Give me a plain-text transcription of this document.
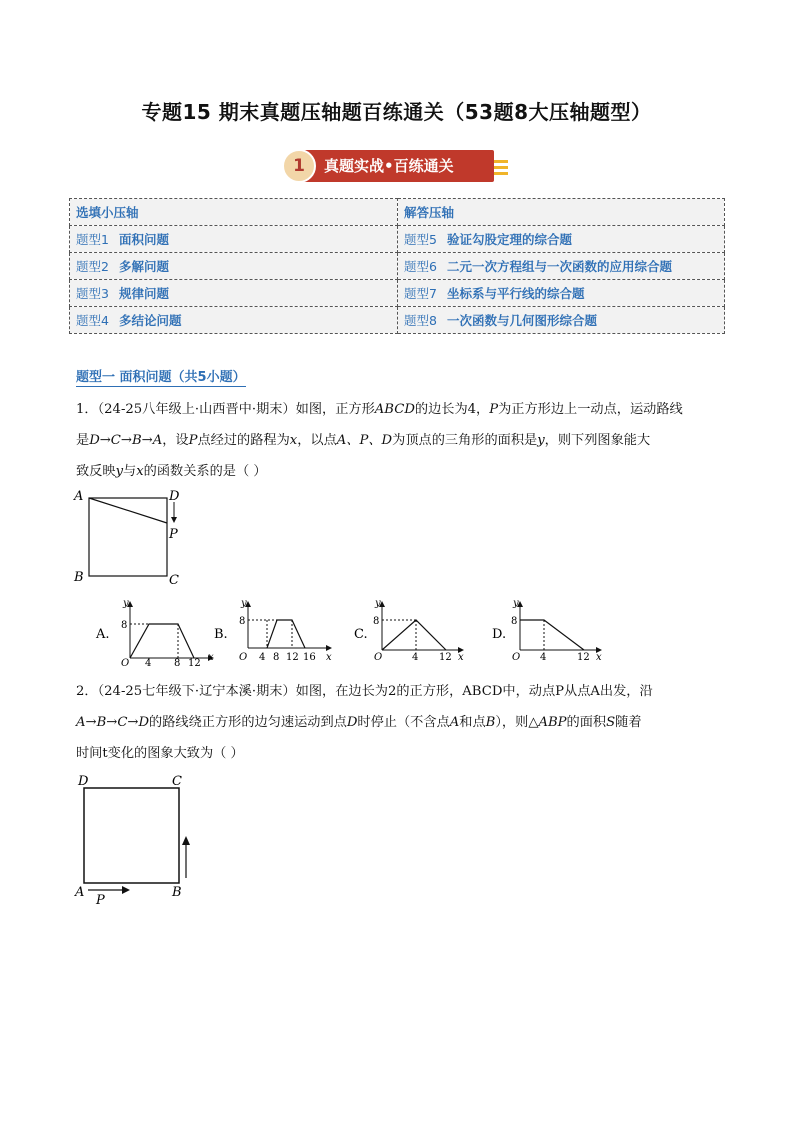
专题15 期末真题压轴题百练通关（53题8大压轴题型）
1	真题实战•百练通关
选填小压轴	解答压轴
题型1 面积问题	题型5 验证勾股定理的综合题
题型2 多解问题	题型6 二元一次方程组与一次函数的应用综合题
题型3 规律问题	题型7 坐标系与平行线的综合题
题型4 多结论问题	题型8 一次函数与几何图形综合题
题型一 面积问题（共5小题）
1．（24-25八年级上·山西晋中·期末）如图，正方形ABCD的边长为4，P为正方形边上一动点，运动路线
是D→C→B→A，设P点经过的路程为x，以点A、P、D为顶点的三角形的面积是y，则下列图象能大
致反映y与x的函数关系的是（ ）
A	D
P
B	C
A.
y
x
O
8
4 8 12
B.
y
x
O
8
4 8 12 16
C.
y
x
O
8
4 12
D.
y
x
O
8
4	12
2．（24-25七年级下·辽宁本溪·期末）如图，在边长为2的正方形，ABCD中，动点P从点A出发，沿
A→B→C→D的路线绕正方形的边匀速运动到点D时停止（不含点A和点B），则△ABP的面积S随着
时间t变化的图象大致为（ ）
D	C
A	B
P
